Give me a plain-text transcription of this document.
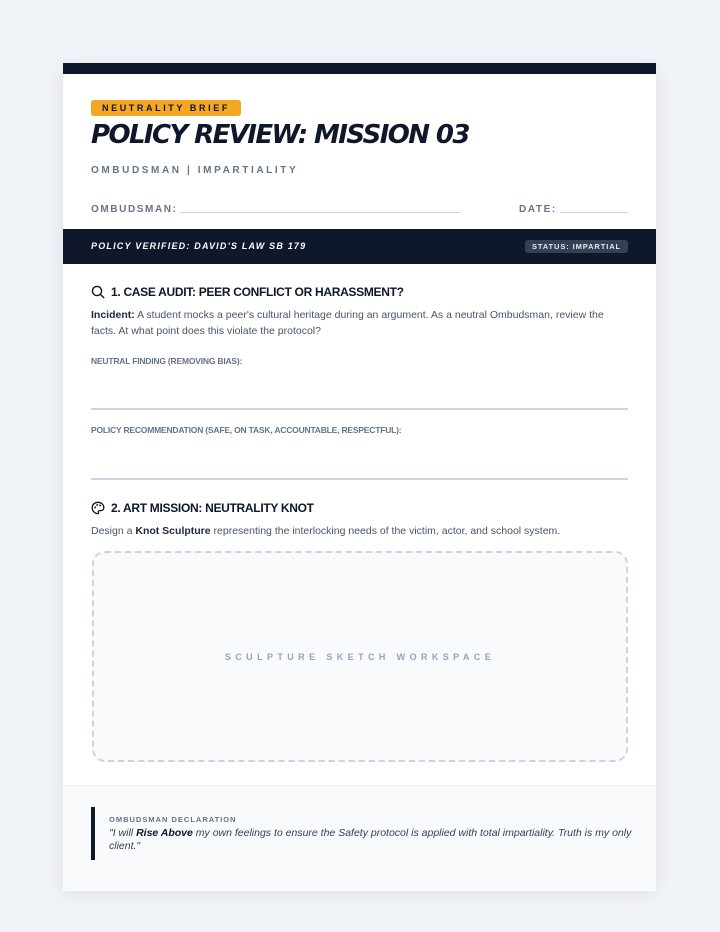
NEUTRALITY BRIEF
POLICY REVIEW: MISSION 03
OMBUDSMAN | IMPARTIALITY
OMBUDSMAN:	DATE:
POLICY VERIFIED: DAVID'S LAW SB 179	STATUS: IMPARTIAL
1. CASE AUDIT: PEER CONFLICT OR HARASSMENT?
Incident: A student mocks a peer's cultural heritage during an argument. As a neutral Ombudsman, review the facts. At what point does this violate the protocol?
NEUTRAL FINDING (REMOVING BIAS):
POLICY RECOMMENDATION (SAFE, ON TASK, ACCOUNTABLE, RESPECTFUL):
2. ART MISSION: NEUTRALITY KNOT
Design a Knot Sculpture representing the interlocking needs of the victim, actor, and school system.
SCULPTURE SKETCH WORKSPACE
OMBUDSMAN DECLARATION
"I will Rise Above my own feelings to ensure the Safety protocol is applied with total impartiality. Truth is my only client."
